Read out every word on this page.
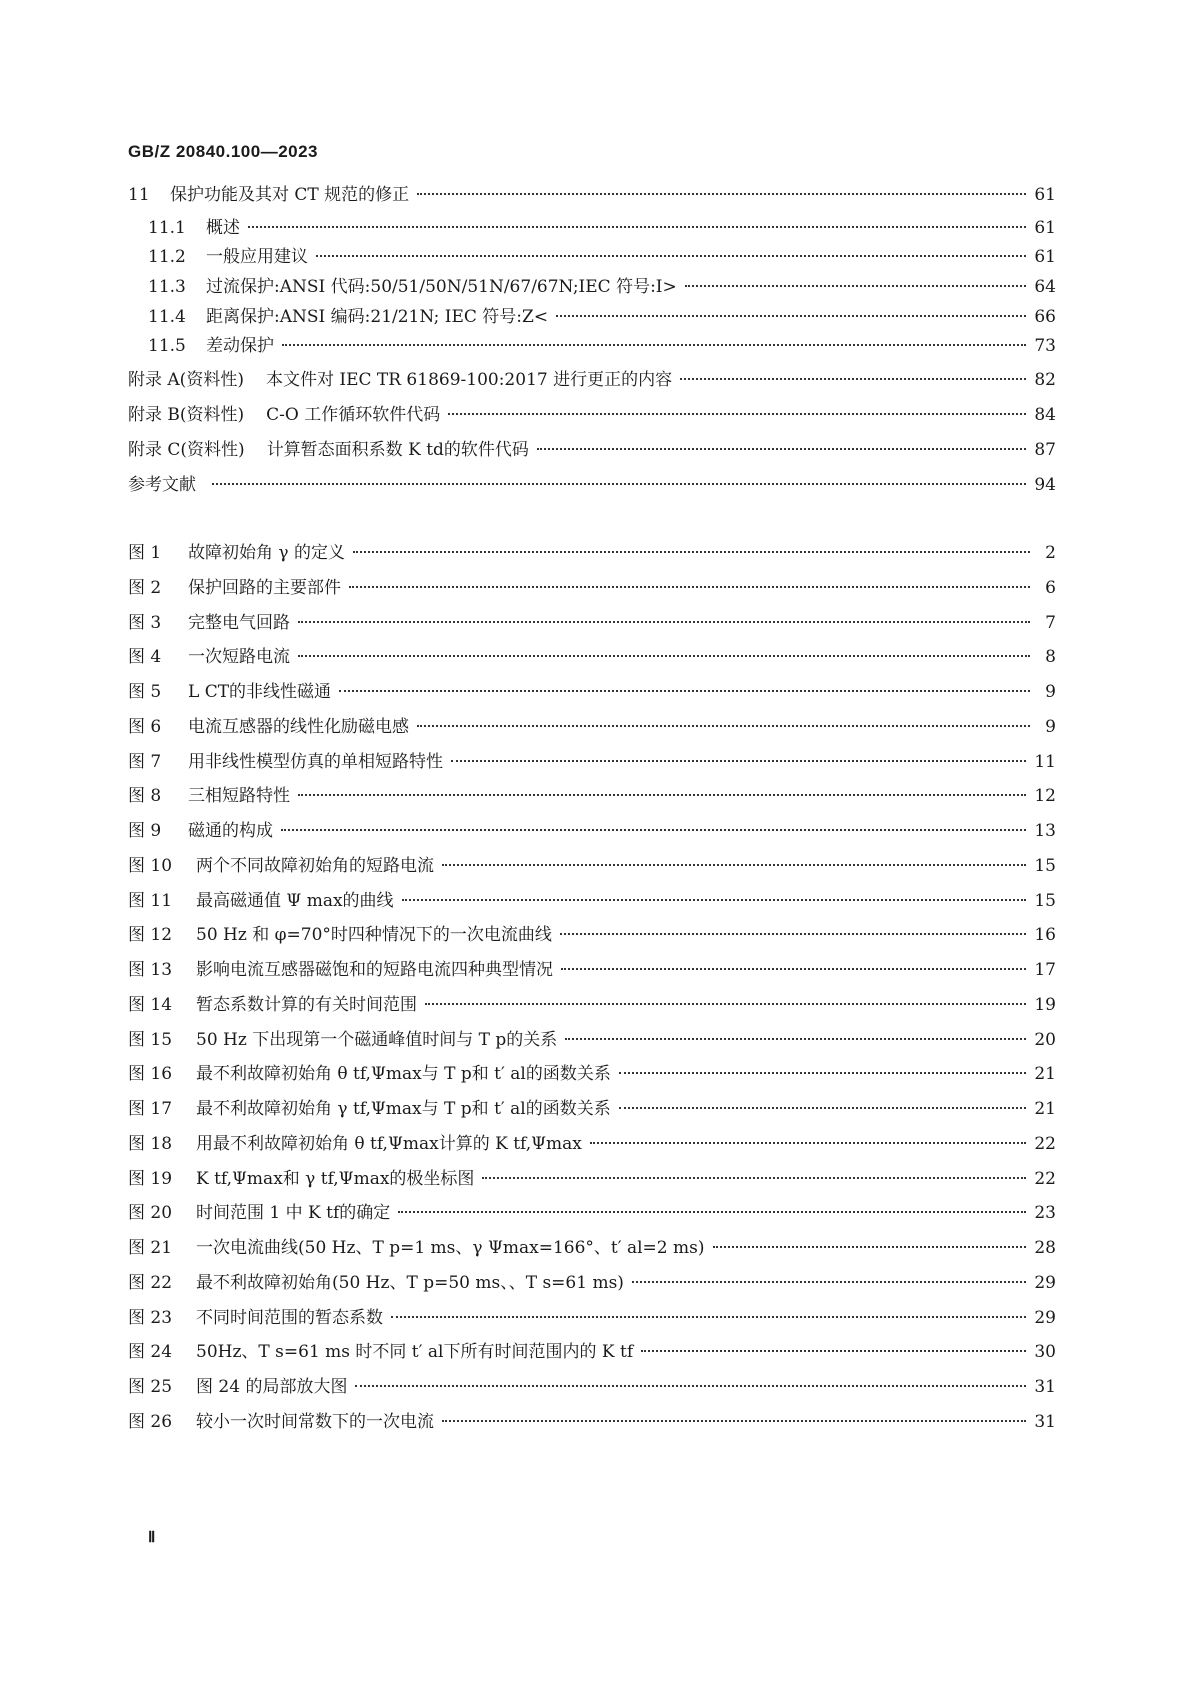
GB/Z 20840.100—2023
11	保护功能及其对 CT 规范的修正	61
11.1	概述	61
11.2	一般应用建议	61
11.3	过流保护:ANSI 代码:50/51/50N/51N/67/67N;IEC 符号:I>	64
11.4	距离保护:ANSI 编码:21/21N; IEC 符号:Z<	66
11.5	差动保护	73
附录 A(资料性) 本文件对 IEC TR 61869-100:2017 进行更正的内容	82
附录 B(资料性) C-O 工作循环软件代码	84
附录 C(资料性) 计算暂态面积系数 K td的软件代码	87
参考文献	94
图 1	故障初始角 γ 的定义	2
图 2	保护回路的主要部件	6
图 3	完整电气回路	7
图 4	一次短路电流	8
图 5	L CT的非线性磁通	9
图 6	电流互感器的线性化励磁电感	9
图 7	用非线性模型仿真的单相短路特性	11
图 8	三相短路特性	12
图 9	磁通的构成	13
图 10	两个不同故障初始角的短路电流	15
图 11	最高磁通值 Ψ max的曲线	15
图 12	50 Hz 和 φ=70°时四种情况下的一次电流曲线	16
图 13	影响电流互感器磁饱和的短路电流四种典型情况	17
图 14	暂态系数计算的有关时间范围	19
图 15	50 Hz 下出现第一个磁通峰值时间与 T p的关系	20
图 16	最不利故障初始角 θ tf,Ψmax与 T p和 t′ al的函数关系	21
图 17	最不利故障初始角 γ tf,Ψmax与 T p和 t′ al的函数关系	21
图 18	用最不利故障初始角 θ tf,Ψmax计算的 K tf,Ψmax	22
图 19	K tf,Ψmax和 γ tf,Ψmax的极坐标图	22
图 20	时间范围 1 中 K tf的确定	23
图 21	一次电流曲线(50 Hz、T p=1 ms、γ Ψmax=166°、t′ al=2 ms)	28
图 22	最不利故障初始角(50 Hz、T p=50 ms、、T s=61 ms)	29
图 23	不同时间范围的暂态系数	29
图 24	50Hz、T s=61 ms 时不同 t′ al下所有时间范围内的 K tf	30
图 25	图 24 的局部放大图	31
图 26	较小一次时间常数下的一次电流	31
Ⅱ
